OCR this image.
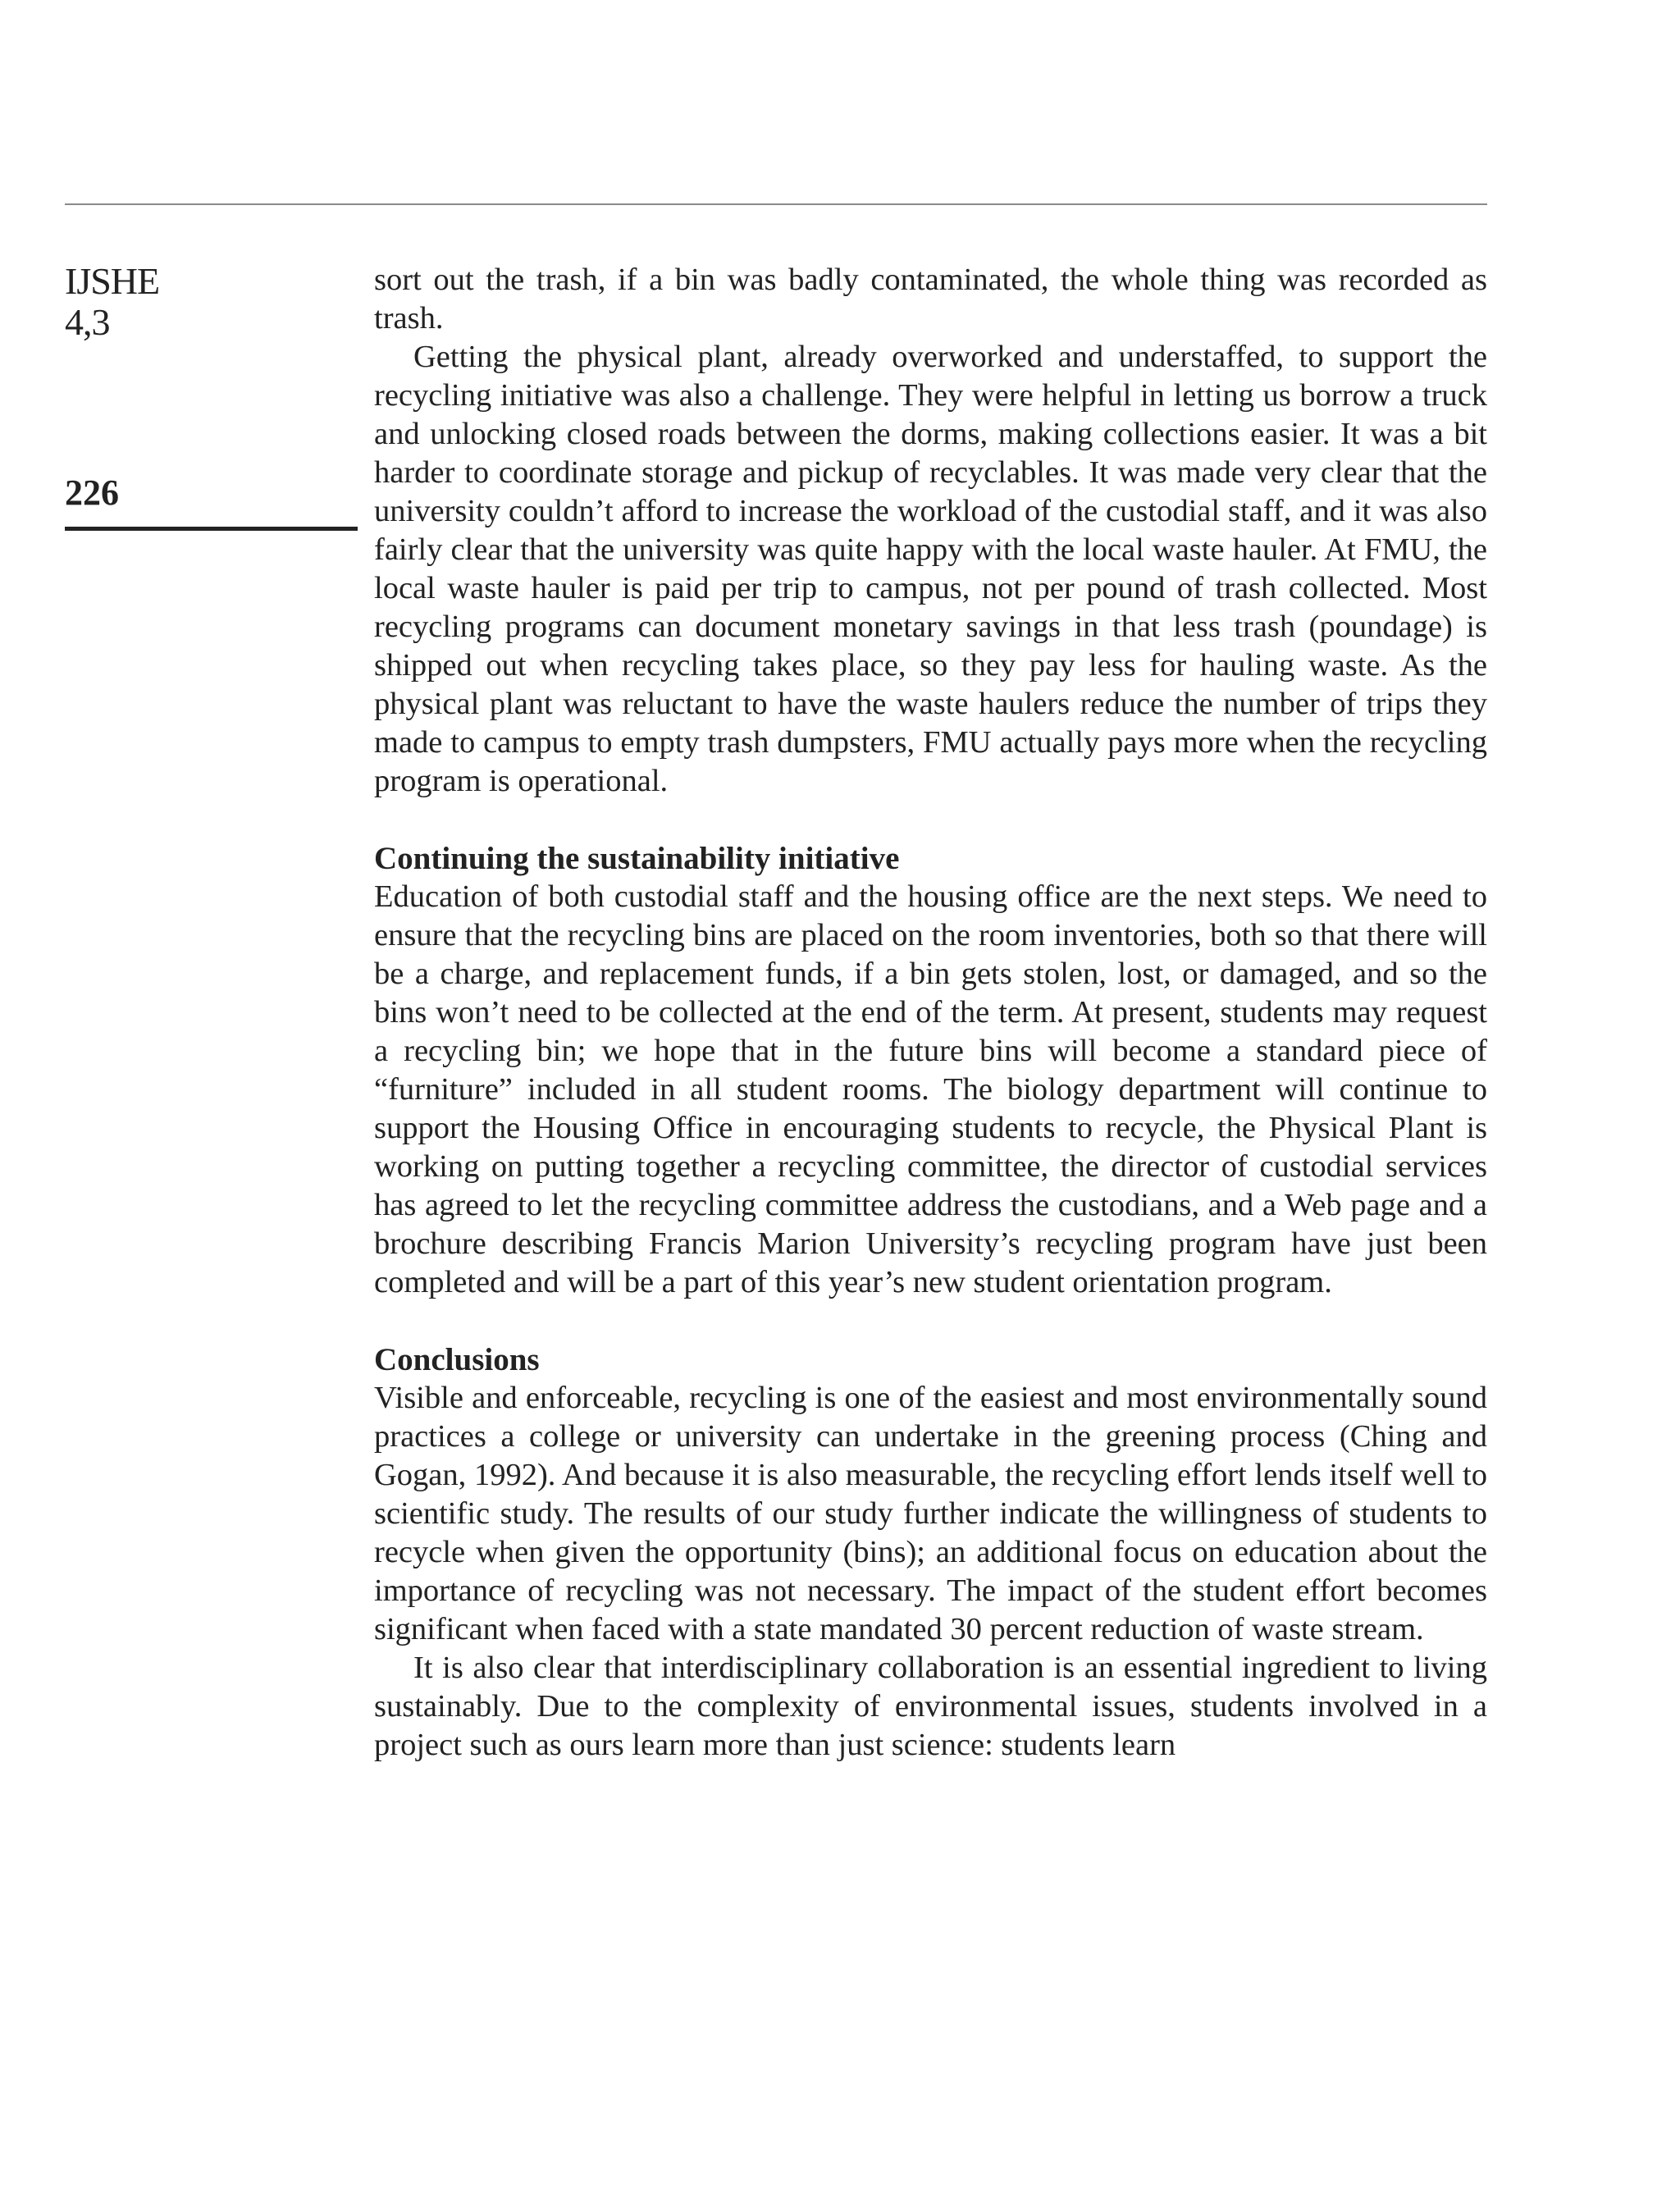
IJSHE
4,3
226

sort out the trash, if a bin was badly contaminated, the whole thing was recorded as trash.

Getting the physical plant, already overworked and understaffed, to support the recycling initiative was also a challenge. They were helpful in letting us borrow a truck and unlocking closed roads between the dorms, making collections easier. It was a bit harder to coordinate storage and pickup of recyclables. It was made very clear that the university couldn’t afford to increase the workload of the custodial staff, and it was also fairly clear that the university was quite happy with the local waste hauler. At FMU, the local waste hauler is paid per trip to campus, not per pound of trash collected. Most recycling programs can document monetary savings in that less trash (poundage) is shipped out when recycling takes place, so they pay less for hauling waste. As the physical plant was reluctant to have the waste haulers reduce the number of trips they made to campus to empty trash dumpsters, FMU actually pays more when the recycling program is operational.

Continuing the sustainability initiative

Education of both custodial staff and the housing office are the next steps. We need to ensure that the recycling bins are placed on the room inventories, both so that there will be a charge, and replacement funds, if a bin gets stolen, lost, or damaged, and so the bins won’t need to be collected at the end of the term. At present, students may request a recycling bin; we hope that in the future bins will become a standard piece of “furniture” included in all student rooms. The biology department will continue to support the Housing Office in encouraging students to recycle, the Physical Plant is working on putting together a recycling committee, the director of custodial services has agreed to let the recycling committee address the custodians, and a Web page and a brochure describing Francis Marion University’s recycling program have just been completed and will be a part of this year’s new student orientation program.

Conclusions

Visible and enforceable, recycling is one of the easiest and most environmentally sound practices a college or university can undertake in the greening process (Ching and Gogan, 1992). And because it is also measurable, the recycling effort lends itself well to scientific study. The results of our study further indicate the willingness of students to recycle when given the opportunity (bins); an additional focus on education about the importance of recycling was not necessary. The impact of the student effort becomes significant when faced with a state mandated 30 percent reduction of waste stream.

It is also clear that interdisciplinary collaboration is an essential ingredient to living sustainably. Due to the complexity of environmental issues, students involved in a project such as ours learn more than just science: students learn
